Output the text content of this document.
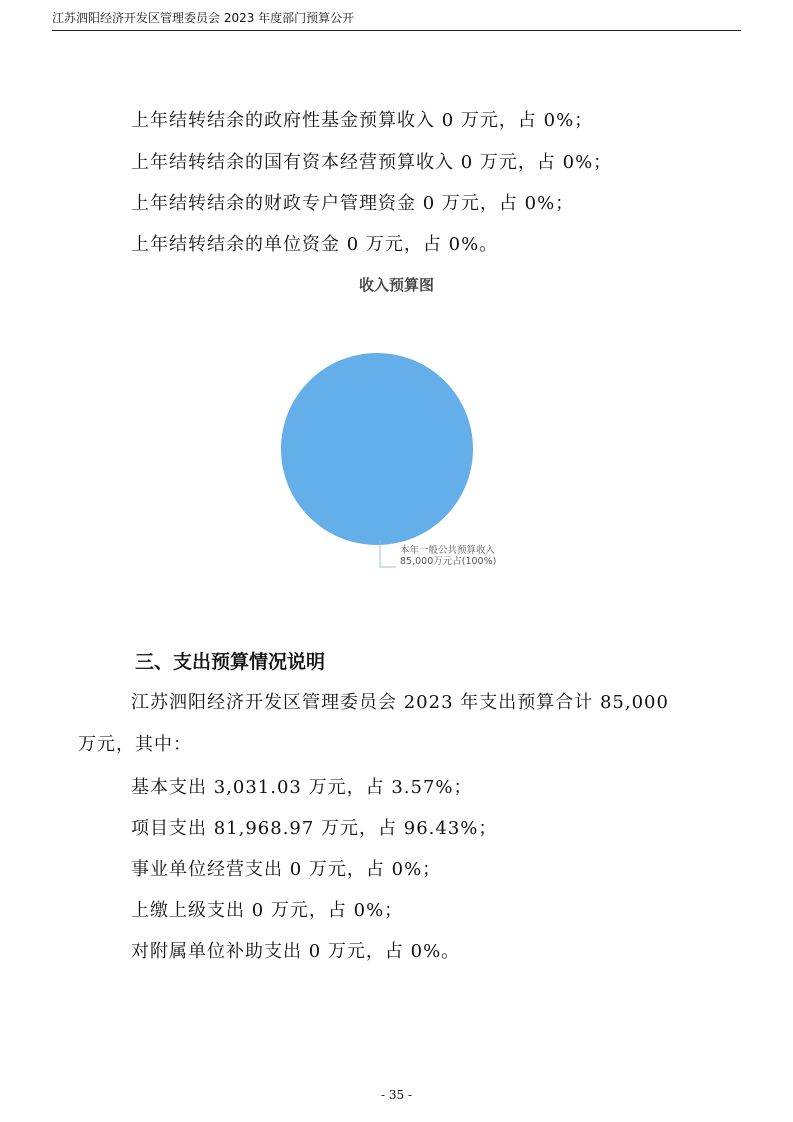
江苏泗阳经济开发区管理委员会 2023 年度部门预算公开
上年结转结余的政府性基金预算收入 0 万元，占 0%；
上年结转结余的国有资本经营预算收入 0 万元，占 0%；
上年结转结余的财政专户管理资金 0 万元，占 0%；
上年结转结余的单位资金 0 万元，占 0%。
收入预算图
本年一般公共预算收入
85,000万元占(100%)
三、支出预算情况说明
江苏泗阳经济开发区管理委员会 2023 年支出预算合计 85,000
万元，其中：
基本支出 3,031.03 万元，占 3.57%；
项目支出 81,968.97 万元，占 96.43%；
事业单位经营支出 0 万元，占 0%；
上缴上级支出 0 万元，占 0%；
对附属单位补助支出 0 万元，占 0%。
- 35 -
